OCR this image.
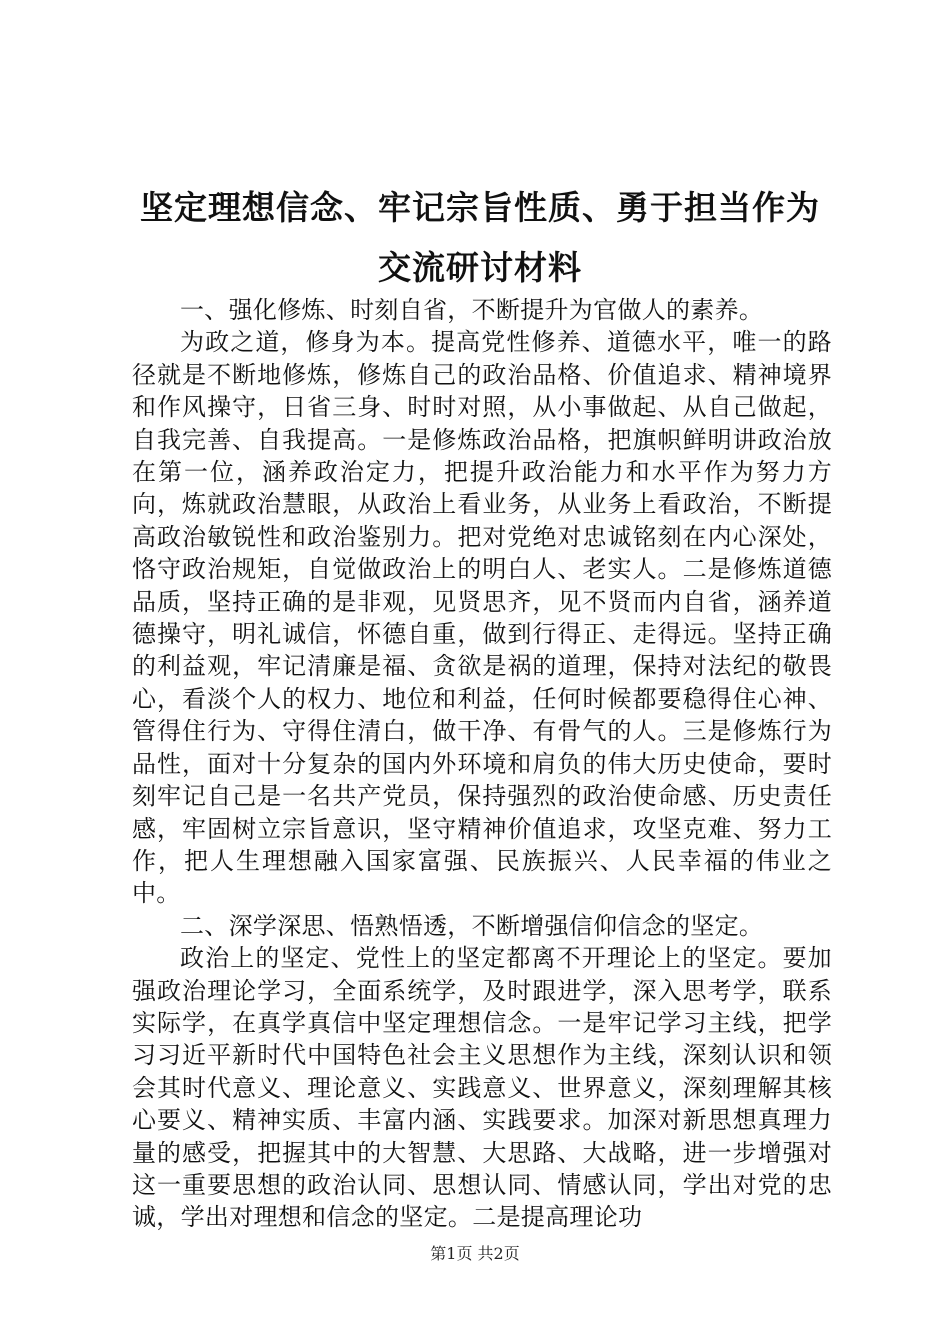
坚定理想信念、牢记宗旨性质、勇于担当作为
交流研讨材料

一、强化修炼、时刻自省，不断提升为官做人的素养。

为政之道，修身为本。提高党性修养、道德水平，唯一的路径就是不断地修炼，修炼自己的政治品格、价值追求、精神境界和作风操守，日省三身、时时对照，从小事做起、从自己做起，自我完善、自我提高。一是修炼政治品格，把旗帜鲜明讲政治放在第一位，涵养政治定力，把提升政治能力和水平作为努力方向，炼就政治慧眼，从政治上看业务，从业务上看政治，不断提高政治敏锐性和政治鉴别力。把对党绝对忠诚铭刻在内心深处，恪守政治规矩，自觉做政治上的明白人、老实人。二是修炼道德品质，坚持正确的是非观，见贤思齐，见不贤而内自省，涵养道德操守，明礼诚信，怀德自重，做到行得正、走得远。坚持正确的利益观，牢记清廉是福、贪欲是祸的道理，保持对法纪的敬畏心，看淡个人的权力、地位和利益，任何时候都要稳得住心神、管得住行为、守得住清白，做干净、有骨气的人。三是修炼行为品性，面对十分复杂的国内外环境和肩负的伟大历史使命，要时刻牢记自己是一名共产党员，保持强烈的政治使命感、历史责任感，牢固树立宗旨意识，坚守精神价值追求，攻坚克难、努力工作，把人生理想融入国家富强、民族振兴、人民幸福的伟业之中。

二、深学深思、悟熟悟透，不断增强信仰信念的坚定。

政治上的坚定、党性上的坚定都离不开理论上的坚定。要加强政治理论学习，全面系统学，及时跟进学，深入思考学，联系实际学，在真学真信中坚定理想信念。一是牢记学习主线，把学习习近平新时代中国特色社会主义思想作为主线，深刻认识和领会其时代意义、理论意义、实践意义、世界意义，深刻理解其核心要义、精神实质、丰富内涵、实践要求。加深对新思想真理力量的感受，把握其中的大智慧、大思路、大战略，进一步增强对这一重要思想的政治认同、思想认同、情感认同，学出对党的忠诚，学出对理想和信念的坚定。二是提高理论功

第1页 共2页
